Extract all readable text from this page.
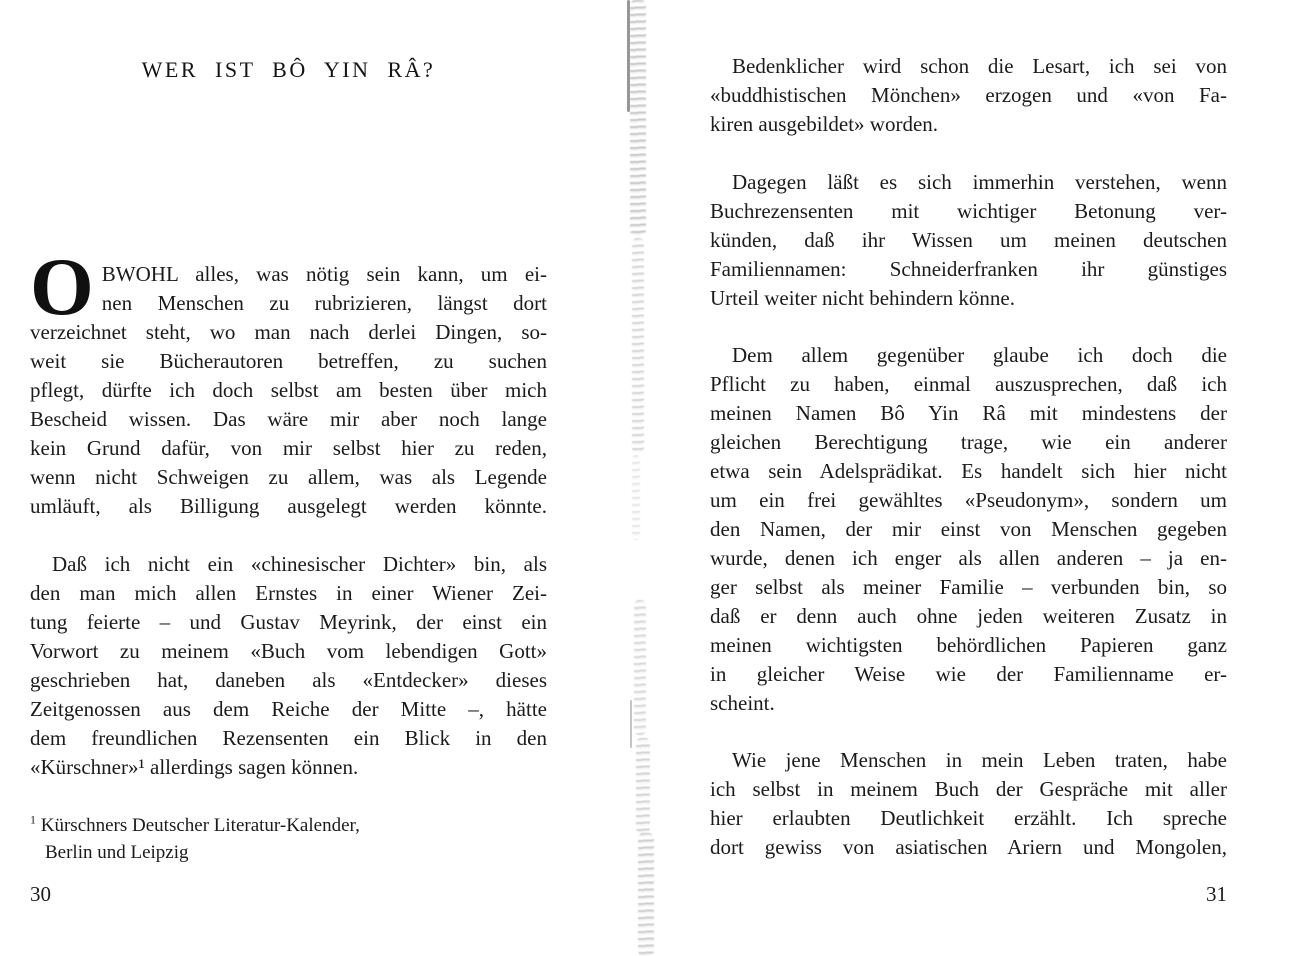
WER IST BÔ YIN RÂ?
O BWOHL alles, was nötig sein kann, um ei-
nen Menschen zu rubrizieren, längst dort
verzeichnet steht, wo man nach derlei Dingen, so-
weit sie Bücherautoren betreffen, zu suchen
pflegt, dürfte ich doch selbst am besten über mich
Bescheid wissen. Das wäre mir aber noch lange
kein Grund dafür, von mir selbst hier zu reden,
wenn nicht Schweigen zu allem, was als Legende
umläuft, als Billigung ausgelegt werden könnte.
Daß ich nicht ein «chinesischer Dichter» bin, als
den man mich allen Ernstes in einer Wiener Zei-
tung feierte – und Gustav Meyrink, der einst ein
Vorwort zu meinem «Buch vom lebendigen Gott»
geschrieben hat, daneben als «Entdecker» dieses
Zeitgenossen aus dem Reiche der Mitte –, hätte
dem freundlichen Rezensenten ein Blick in den
«Kürschner»¹ allerdings sagen können.
$^1$ Kürschners Deutscher Literatur-Kalender,
Berlin und Leipzig
30
Bedenklicher wird schon die Lesart, ich sei von
«buddhistischen Mönchen» erzogen und «von Fa-
kiren ausgebildet» worden.
Dagegen läßt es sich immerhin verstehen, wenn
Buchrezensenten mit wichtiger Betonung ver-
künden, daß ihr Wissen um meinen deutschen
Familiennamen: Schneiderfranken ihr günstiges
Urteil weiter nicht behindern könne.
Dem allem gegenüber glaube ich doch die
Pflicht zu haben, einmal auszusprechen, daß ich
meinen Namen Bô Yin Râ mit mindestens der
gleichen Berechtigung trage, wie ein anderer
etwa sein Adelsprädikat. Es handelt sich hier nicht
um ein frei gewähltes «Pseudonym», sondern um
den Namen, der mir einst von Menschen gegeben
wurde, denen ich enger als allen anderen – ja en-
ger selbst als meiner Familie – verbunden bin, so
daß er denn auch ohne jeden weiteren Zusatz in
meinen wichtigsten behördlichen Papieren ganz
in gleicher Weise wie der Familienname er-
scheint.
Wie jene Menschen in mein Leben traten, habe
ich selbst in meinem Buch der Gespräche mit aller
hier erlaubten Deutlichkeit erzählt. Ich spreche
dort gewiss von asiatischen Ariern und Mongolen,
31
